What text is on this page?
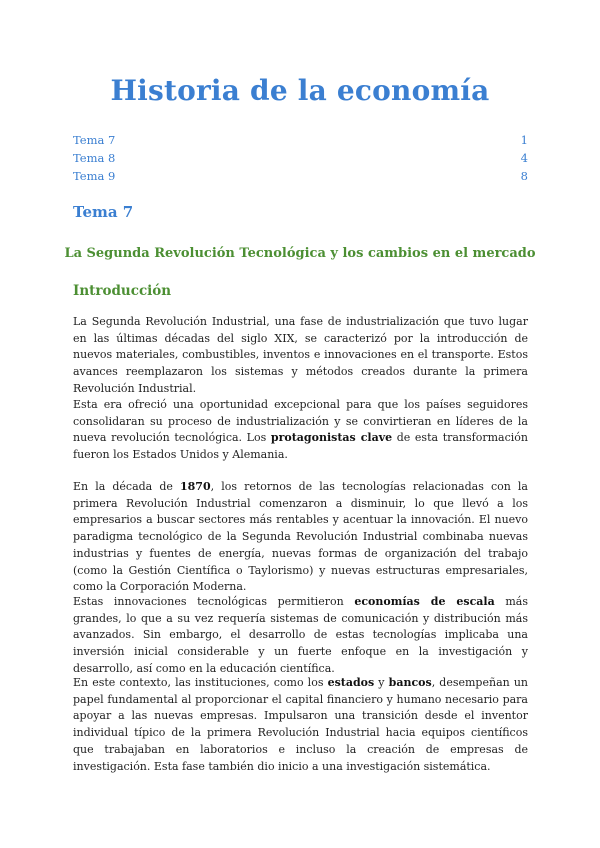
Historia de la economía
Tema 7	1
Tema 8	4
Tema 9	8
Tema 7
La Segunda Revolución Tecnológica y los cambios en el mercado
Introducción

La Segunda Revolución Industrial, una fase de industrialización que tuvo lugar en las últimas décadas del siglo XIX, se caracterizó por la introducción de nuevos materiales, combustibles, inventos e innovaciones en el transporte. Estos avances reemplazaron los sistemas y métodos creados durante la primera Revolución Industrial.

Esta era ofreció una oportunidad excepcional para que los países seguidores consolidaran su proceso de industrialización y se convirtieran en líderes de la nueva revolución tecnológica. Los protagonistas clave de esta transformación fueron los Estados Unidos y Alemania.

En la década de 1870, los retornos de las tecnologías relacionadas con la primera Revolución Industrial comenzaron a disminuir, lo que llevó a los empresarios a buscar sectores más rentables y acentuar la innovación. El nuevo paradigma tecnológico de la Segunda Revolución Industrial combinaba nuevas industrias y fuentes de energía, nuevas formas de organización del trabajo (como la Gestión Científica o Taylorismo) y nuevas estructuras empresariales, como la Corporación Moderna.

Estas innovaciones tecnológicas permitieron economías de escala más grandes, lo que a su vez requería sistemas de comunicación y distribución más avanzados. Sin embargo, el desarrollo de estas tecnologías implicaba una inversión inicial considerable y un fuerte enfoque en la investigación y desarrollo, así como en la educación científica.

En este contexto, las instituciones, como los estados y bancos, desempeñan un papel fundamental al proporcionar el capital financiero y humano necesario para apoyar a las nuevas empresas. Impulsaron una transición desde el inventor individual típico de la primera Revolución Industrial hacia equipos científicos que trabajaban en laboratorios e incluso la creación de empresas de investigación. Esta fase también dio inicio a una investigación sistemática.
